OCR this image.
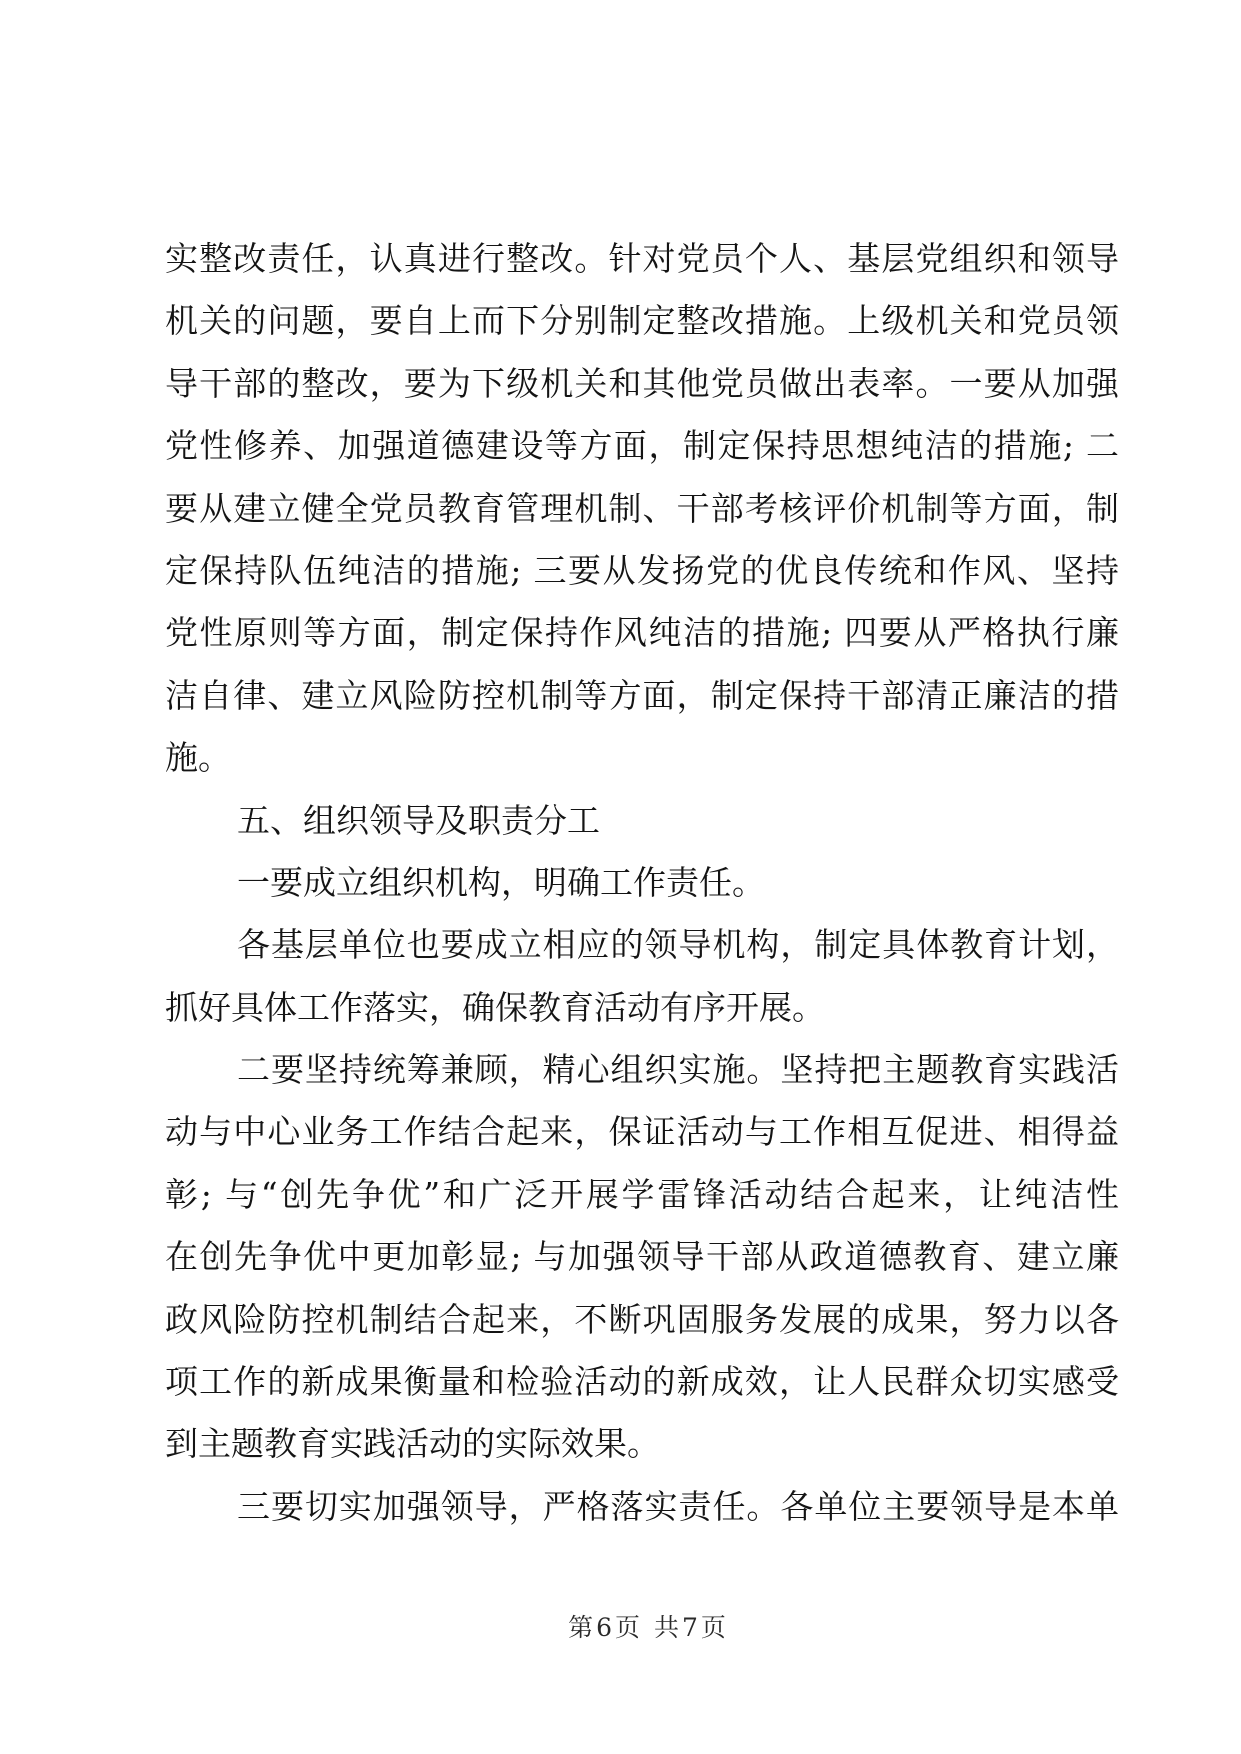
实整改责任，认真进行整改。针对党员个人、基层党组织和领导
机关的问题，要自上而下分别制定整改措施。上级机关和党员领
导干部的整改，要为下级机关和其他党员做出表率。一要从加强
党性修养、加强道德建设等方面，制定保持思想纯洁的措施; 二
要从建立健全党员教育管理机制、干部考核评价机制等方面，制
定保持队伍纯洁的措施; 三要从发扬党的优良传统和作风、坚持
党性原则等方面，制定保持作风纯洁的措施; 四要从严格执行廉
洁自律、建立风险防控机制等方面，制定保持干部清正廉洁的措
施。
五、组织领导及职责分工
一要成立组织机构，明确工作责任。
各基层单位也要成立相应的领导机构，制定具体教育计划，
抓好具体工作落实，确保教育活动有序开展。
二要坚持统筹兼顾，精心组织实施。坚持把主题教育实践活
动与中心业务工作结合起来，保证活动与工作相互促进、相得益
彰; 与“创先争优”和广泛开展学雷锋活动结合起来，让纯洁性
在创先争优中更加彰显; 与加强领导干部从政道德教育、建立廉
政风险防控机制结合起来，不断巩固服务发展的成果，努力以各
项工作的新成果衡量和检验活动的新成效，让人民群众切实感受
到主题教育实践活动的实际效果。
三要切实加强领导，严格落实责任。各单位主要领导是本单
第6页 共7页
